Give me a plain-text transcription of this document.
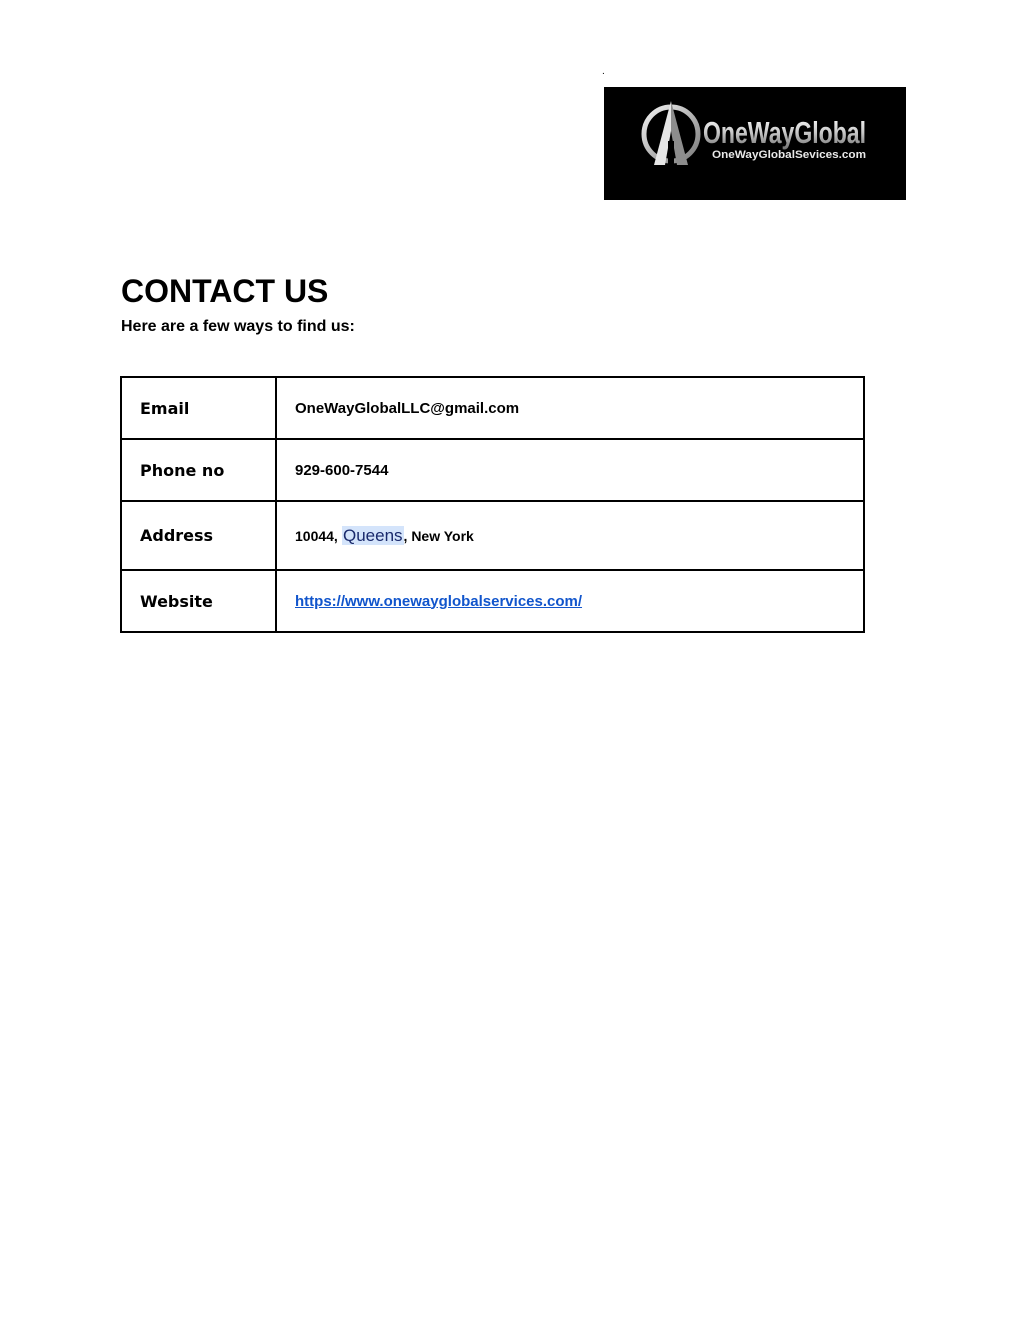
.
OneWayGlobal
OneWayGlobalSevices.com
CONTACT US

Here are a few ways to find us:

Email	OneWayGlobalLLC@gmail.com
Phone no	929-600-7544
Address	10044, Queens, New York
Website	https://www.onewayglobalservices.com/
